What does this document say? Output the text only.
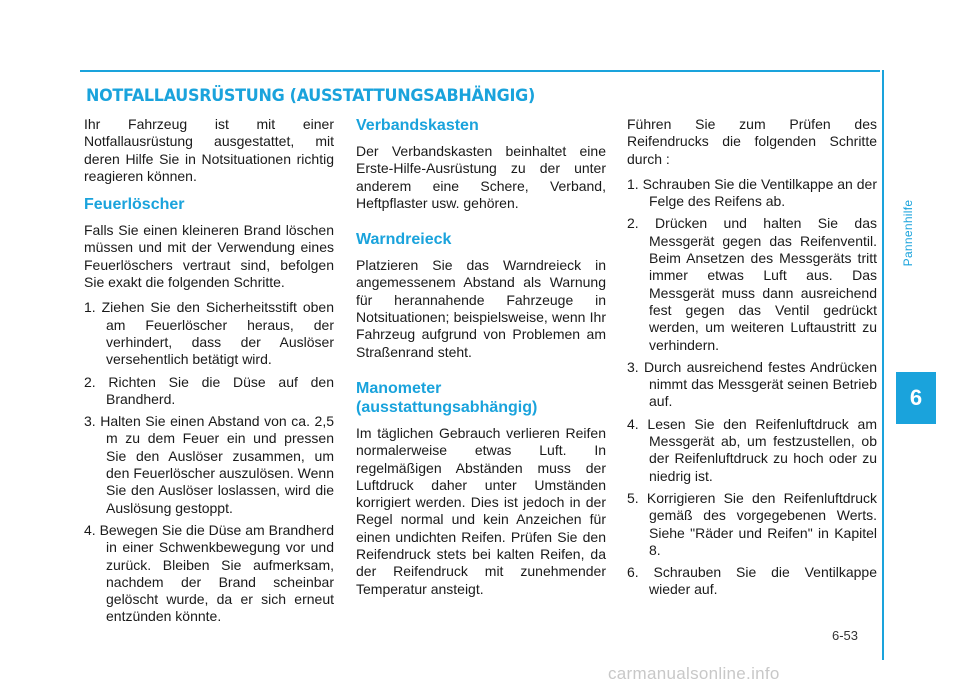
Pannenhilfe
6
NOTFALLAUSRÜSTUNG (AUSSTATTUNGSABHÄNGIG)

Ihr Fahrzeug ist mit einer Notfallausrüstung ausgestattet, mit deren Hilfe Sie in Notsituationen richtig reagieren können.

Feuerlöscher

Falls Sie einen kleineren Brand löschen müssen und mit der Verwendung eines Feuerlöschers vertraut sind, befolgen Sie exakt die folgenden Schritte.

1. Ziehen Sie den Sicherheitsstift oben am Feuerlöscher heraus, der verhindert, dass der Auslöser versehentlich betätigt wird.
2. Richten Sie die Düse auf den Brandherd.
3. Halten Sie einen Abstand von ca. 2,5 m zu dem Feuer ein und pressen Sie den Auslöser zusammen, um den Feuerlöscher auszulösen. Wenn Sie den Auslöser loslassen, wird die Auslösung gestoppt.
4. Bewegen Sie die Düse am Brandherd in einer Schwenkbewegung vor und zurück. Bleiben Sie aufmerksam, nachdem der Brand scheinbar gelöscht wurde, da er sich erneut entzünden könnte.
Verbandskasten

Der Verbandskasten beinhaltet eine Erste-Hilfe-Ausrüstung zu der unter anderem eine Schere, Verband, Heftpflaster usw. gehören.

Warndreieck

Platzieren Sie das Warndreieck in angemessenem Abstand als Warnung für herannahende Fahrzeuge in Notsituationen; beispielsweise, wenn Ihr Fahrzeug aufgrund von Problemen am Straßenrand steht.

Manometer (ausstattungsabhängig)

Im täglichen Gebrauch verlieren Reifen normalerweise etwas Luft. In regelmäßigen Abständen muss der Luftdruck daher unter Umständen korrigiert werden. Dies ist jedoch in der Regel normal und kein Anzeichen für einen undichten Reifen. Prüfen Sie den Reifendruck stets bei kalten Reifen, da der Reifendruck mit zunehmender Temperatur ansteigt.

Führen Sie zum Prüfen des Reifendrucks die folgenden Schritte durch :

1. Schrauben Sie die Ventilkappe an der Felge des Reifens ab.
2. Drücken und halten Sie das Messgerät gegen das Reifenventil. Beim Ansetzen des Messgeräts tritt immer etwas Luft aus. Das Messgerät muss dann ausreichend fest gegen das Ventil gedrückt werden, um weiteren Luftaustritt zu verhindern.
3. Durch ausreichend festes Andrücken nimmt das Messgerät seinen Betrieb auf.
4. Lesen Sie den Reifenluftdruck am Messgerät ab, um festzustellen, ob der Reifenluftdruck zu hoch oder zu niedrig ist.
5. Korrigieren Sie den Reifenluftdruck gemäß des vorgegebenen Werts. Siehe "Räder und Reifen" in Kapitel 8.
6. Schrauben Sie die Ventilkappe wieder auf.
6-53
carmanualsonline.info
